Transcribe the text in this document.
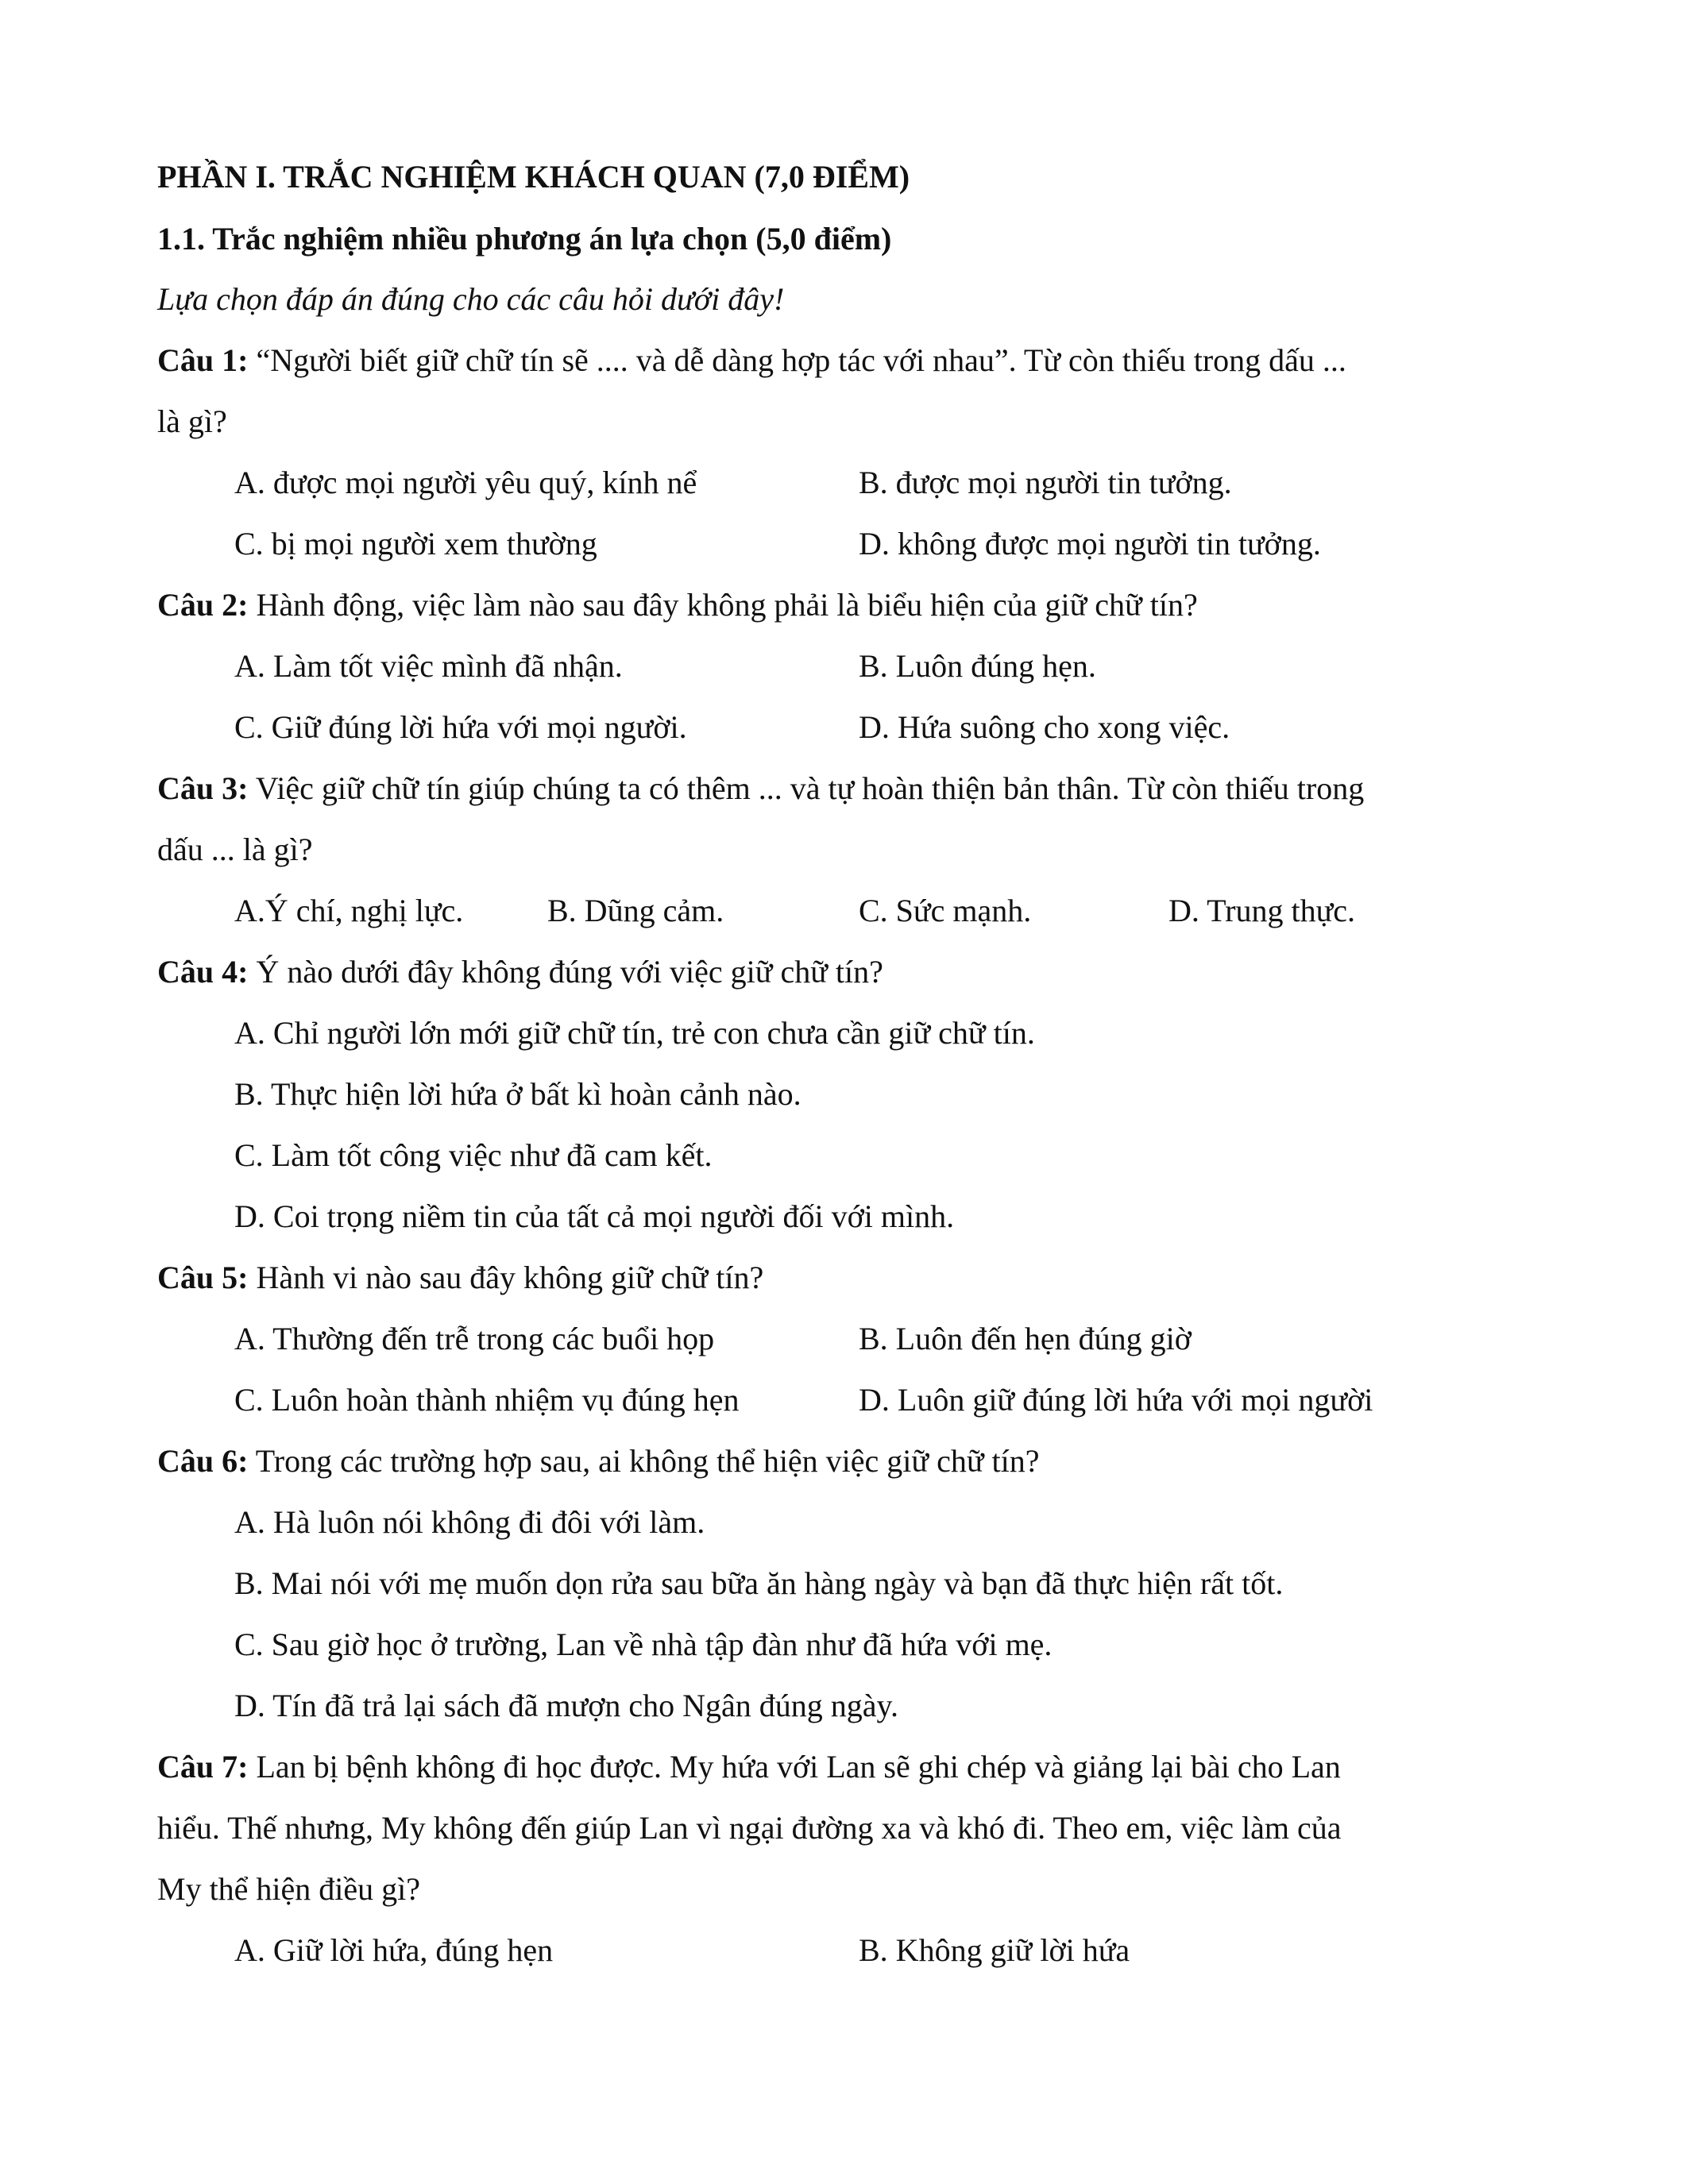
PHẦN I. TRẮC NGHIỆM KHÁCH QUAN (7,0 ĐIỂM)
1.1. Trắc nghiệm nhiều phương án lựa chọn (5,0 điểm)
Lựa chọn đáp án đúng cho các câu hỏi dưới đây!
Câu 1: “Người biết giữ chữ tín sẽ .... và dễ dàng hợp tác với nhau”. Từ còn thiếu trong dấu ...
là gì?
A. được mọi người yêu quý, kính nể	B. được mọi người tin tưởng.
C. bị mọi người xem thường	D. không được mọi người tin tưởng.
Câu 2: Hành động, việc làm nào sau đây không phải là biểu hiện của giữ chữ tín?
A. Làm tốt việc mình đã nhận.	B. Luôn đúng hẹn.
C. Giữ đúng lời hứa với mọi người.	D. Hứa suông cho xong việc.
Câu 3: Việc giữ chữ tín giúp chúng ta có thêm ... và tự hoàn thiện bản thân. Từ còn thiếu trong
dấu ... là gì?
A.Ý chí, nghị lực.	B. Dũng cảm.	C. Sức mạnh.	D. Trung thực.
Câu 4: Ý nào dưới đây không đúng với việc giữ chữ tín?
A. Chỉ người lớn mới giữ chữ tín, trẻ con chưa cần giữ chữ tín.
B. Thực hiện lời hứa ở bất kì hoàn cảnh nào.
C. Làm tốt công việc như đã cam kết.
D. Coi trọng niềm tin của tất cả mọi người đối với mình.
Câu 5: Hành vi nào sau đây không giữ chữ tín?
A. Thường đến trễ trong các buổi họp	B. Luôn đến hẹn đúng giờ
C. Luôn hoàn thành nhiệm vụ đúng hẹn	D. Luôn giữ đúng lời hứa với mọi người
Câu 6: Trong các trường hợp sau, ai không thể hiện việc giữ chữ tín?
A. Hà luôn nói không đi đôi với làm.
B. Mai nói với mẹ muốn dọn rửa sau bữa ăn hàng ngày và bạn đã thực hiện rất tốt.
C. Sau giờ học ở trường, Lan về nhà tập đàn như đã hứa với mẹ.
D. Tín đã trả lại sách đã mượn cho Ngân đúng ngày.
Câu 7: Lan bị bệnh không đi học được. My hứa với Lan sẽ ghi chép và giảng lại bài cho Lan
hiểu. Thế nhưng, My không đến giúp Lan vì ngại đường xa và khó đi. Theo em, việc làm của
My thể hiện điều gì?
A. Giữ lời hứa, đúng hẹn	B. Không giữ lời hứa
